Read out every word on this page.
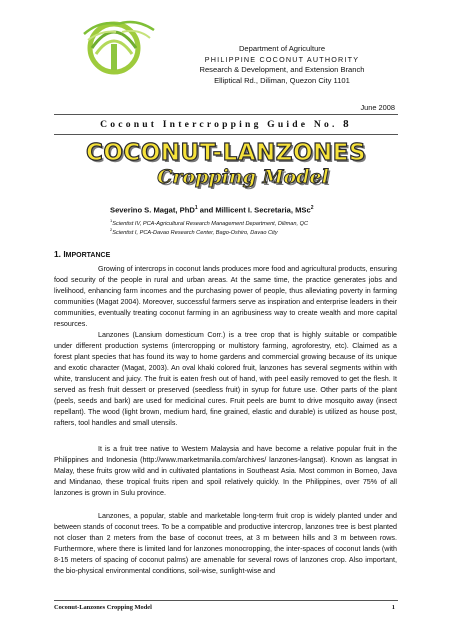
Department of Agriculture
PHILIPPINE COCONUT AUTHORITY
Research & Development, and Extension Branch
Elliptical Rd., Diliman, Quezon City 1101
June 2008
Coconut Intercropping Guide No. 8
COCONUT-LANZONES
Cropping Model
Severino S. Magat, PhD$^1$ and Millicent I. Secretaria, MSc$^2$
$^1$Scientist IV, PCA-Agricultural Research Management Department, Diliman, QC
$^2$Scientist I, PCA-Davao Research Center, Bago-Oshiro, Davao City
1. IMPORTANCE

Growing of intercrops in coconut lands produces more food and agricultural products, ensuring food security of the people in rural and urban areas. At the same time, the practice generates jobs and livelihood, enhancing farm incomes and the purchasing power of people, thus alleviating poverty in farming communities (Magat 2004). Moreover, successful farmers serve as inspiration and enterprise leaders in their communities, eventually treating coconut farming in an agribusiness way to create wealth and more capital resources.

Lanzones (Lansium domesticum Corr.) is a tree crop that is highly suitable or compatible under different production systems (intercropping or multistory farming, agroforestry, etc). Claimed as a forest plant species that has found its way to home gardens and commercial growing because of its unique and exotic character (Magat, 2003). An oval khaki colored fruit, lanzones has several segments within with white, translucent and juicy. The fruit is eaten fresh out of hand, with peel easily removed to get the flesh. It served as fresh fruit dessert or preserved (seedless fruit) in syrup for future use. Other parts of the plant (peels, seeds and bark) are used for medicinal cures. Fruit peels are burnt to drive mosquito away (insect repellant). The wood (light brown, medium hard, fine grained, elastic and durable) is utilized as house post, rafters, tool handles and small utensils.

It is a fruit tree native to Western Malaysia and have become a relative popular fruit in the Philippines and Indonesia (http://www.marketmanila.com/archives/ lanzones-langsat). Known as langsat in Malay, these fruits grow wild and in cultivated plantations in Southeast Asia. Most common in Borneo, Java and Mindanao, these tropical fruits ripen and spoil relatively quickly. In the Philippines, over 75% of all lanzones is grown in Sulu province.

Lanzones, a popular, stable and marketable long-term fruit crop is widely planted under and between stands of coconut trees. To be a compatible and productive intercrop, lanzones tree is best planted not closer than 2 meters from the base of coconut trees, at 3 m between hills and 3 m between rows. Furthermore, where there is limited land for lanzones monocropping, the inter-spaces of coconut lands (with 8-15 meters of spacing of coconut palms) are amenable for several rows of lanzones crop. Also important, the bio-physical environmental conditions, soil-wise, sunlight-wise and

Coconut-Lanzones Cropping Model	1
